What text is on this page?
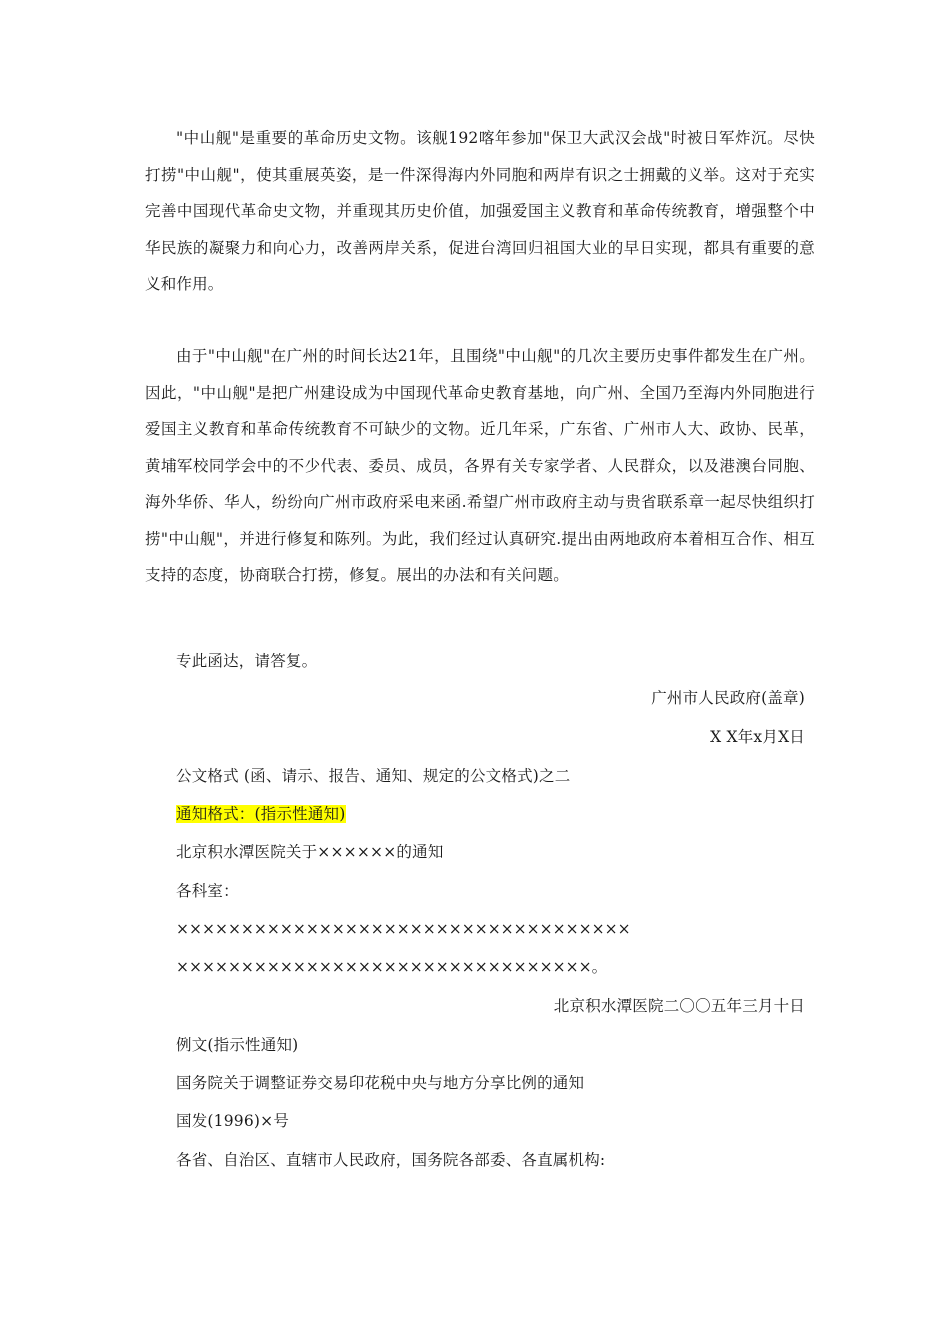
"中山舰"是重要的革命历史文物。该舰192喀年参加"保卫大武汉会战"时被日军炸沉。尽快打捞"中山舰"，使其重展英姿，是一件深得海内外同胞和两岸有识之士拥戴的义举。这对于充实完善中国现代革命史文物，并重现其历史价值，加强爱国主义教育和革命传统教育，增强整个中华民族的凝聚力和向心力，改善两岸关系，促进台湾回归祖国大业的早日实现，都具有重要的意义和作用。
由于"中山舰"在广州的时间长达21年，且围绕"中山舰"的几次主要历史事件都发生在广州。因此，"中山舰"是把广州建设成为中国现代革命史教育基地，向广州、全国乃至海内外同胞进行爱国主义教育和革命传统教育不可缺少的文物。近几年采，广东省、广州市人大、政协、民革，黄埔军校同学会中的不少代表、委员、成员，各界有关专家学者、人民群众，以及港澳台同胞、海外华侨、华人，纷纷向广州市政府采电来函.希望广州市政府主动与贵省联系章一起尽快组织打捞"中山舰"，并进行修复和陈列。为此，我们经过认真研究.提出由两地政府本着相互合作、相互支持的态度，协商联合打捞，修复。展出的办法和有关问题。
专此函达，请答复。
广州市人民政府(盖章)
X X年x月X日
公文格式 (函、请示、报告、通知、规定的公文格式)之二
通知格式：(指示性通知)
北京积水潭医院关于××××××的通知
各科室：
×××××××××××××××××××××××××××××××××××
××××××××××××××××××××××××××××××××。
北京积水潭医院二〇〇五年三月十日
例文(指示性通知)
国务院关于调整证券交易印花税中央与地方分享比例的通知
国发(1996)×号
各省、自治区、直辖市人民政府，国务院各部委、各直属机构:
